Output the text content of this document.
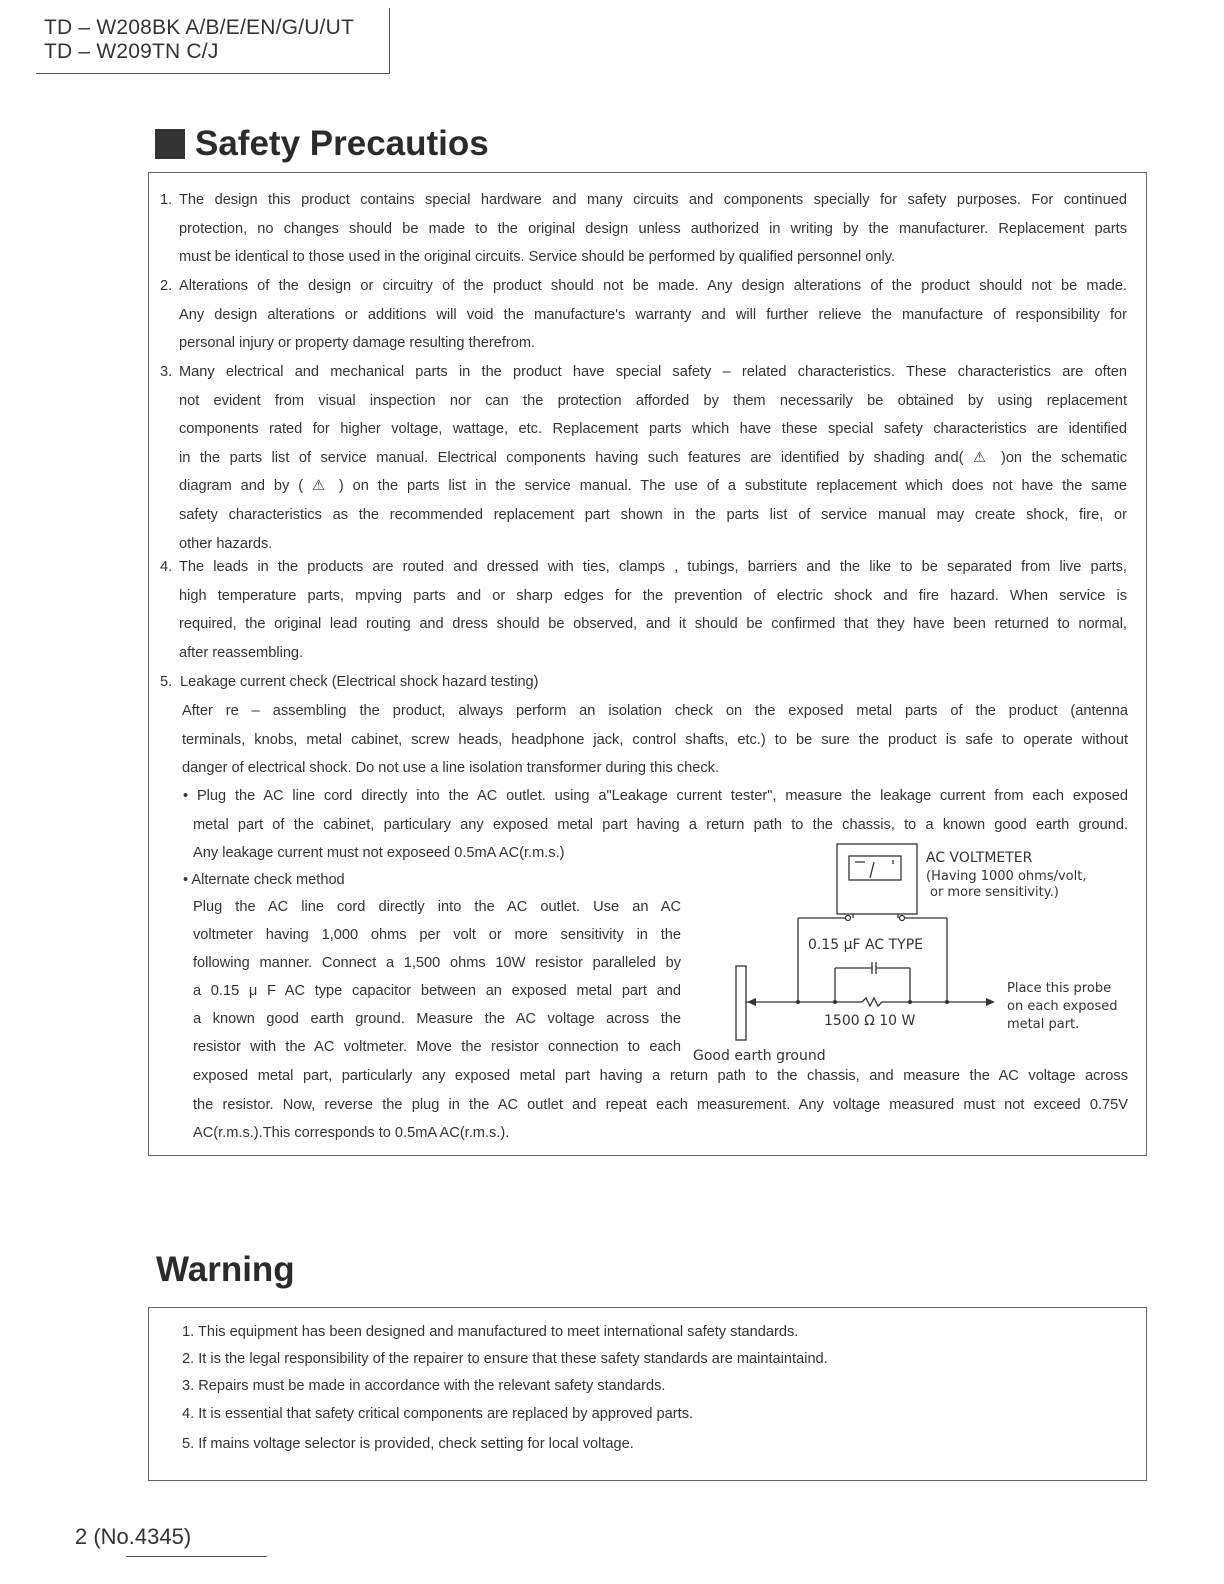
TD – W208BK A/B/E/EN/G/U/UT
TD – W209TN C/J
Safety Precautios
1. The design this product contains special hardware and many circuits and components specially for safety purposes. For continued
protection, no changes should be made to the original design unless authorized in writing by the manufacturer. Replacement parts
must be identical to those used in the original circuits. Service should be performed by qualified personnel only.
2. Alterations of the design or circuitry of the product should not be made. Any design alterations of the product should not be made.
Any design alterations or additions will void the manufacture's warranty and will further relieve the manufacture of responsibility for
personal injury or property damage resulting therefrom.
3. Many electrical and mechanical parts in the product have special safety – related characteristics. These characteristics are often
not evident from visual inspection nor can the protection afforded by them necessarily be obtained by using replacement
components rated for higher voltage, wattage, etc. Replacement parts which have these special safety characteristics are identified
in the parts list of service manual. Electrical components having such features are identified by shading and( ⚠ )on the schematic
diagram and by ( ⚠ ) on the parts list in the service manual. The use of a substitute replacement which does not have the same
safety characteristics as the recommended replacement part shown in the parts list of service manual may create shock, fire, or
other hazards.
4. The leads in the products are routed and dressed with ties, clamps , tubings, barriers and the like to be separated from live parts,
high temperature parts, mpving parts and or sharp edges for the prevention of electric shock and fire hazard. When service is
required, the original lead routing and dress should be observed, and it should be confirmed that they have been returned to normal,
after reassembling.
5. Leakage current check (Electrical shock hazard testing)
After re – assembling the product, always perform an isolation check on the exposed metal parts of the product (antenna
terminals, knobs, metal cabinet, screw heads, headphone jack, control shafts, etc.) to be sure the product is safe to operate without
danger of electrical shock. Do not use a line isolation transformer during this check.
• Plug the AC line cord directly into the AC outlet. using a"Leakage current tester", measure the leakage current from each exposed
metal part of the cabinet, particulary any exposed metal part having a return path to the chassis, to a known good earth ground.
Any leakage current must not exposeed 0.5mA AC(r.m.s.)
• Alternate check method
Plug the AC line cord directly into the AC outlet. Use an AC
voltmeter having 1,000 ohms per volt or more sensitivity in the
following manner. Connect a 1,500 ohms 10W resistor paralleled by
a 0.15 μ F AC type capacitor between an exposed metal part and
a known good earth ground. Measure the AC voltage across the
resistor with the AC voltmeter. Move the resistor connection to each
exposed metal part, particularly any exposed metal part having a return path to the chassis, and measure the AC voltage across
the resistor. Now, reverse the plug in the AC outlet and repeat each measurement. Any voltage measured must not exceed 0.75V
AC(r.m.s.).This corresponds to 0.5mA AC(r.m.s.).
AC VOLTMETER
(Having 1000 ohms/volt,
or more sensitivity.)
0.15 μF AC TYPE
1500 Ω 10 W
Good earth ground
Place this probe
on each exposed
metal part.
Warning
1. This equipment has been designed and manufactured to meet international safety standards.
2. It is the legal responsibility of the repairer to ensure that these safety standards are maintaintaind.
3. Repairs must be made in accordance with the relevant safety standards.
4. It is essential that safety critical components are replaced by approved parts.
5. If mains voltage selector is provided, check setting for local voltage.
2 (No.4345)
